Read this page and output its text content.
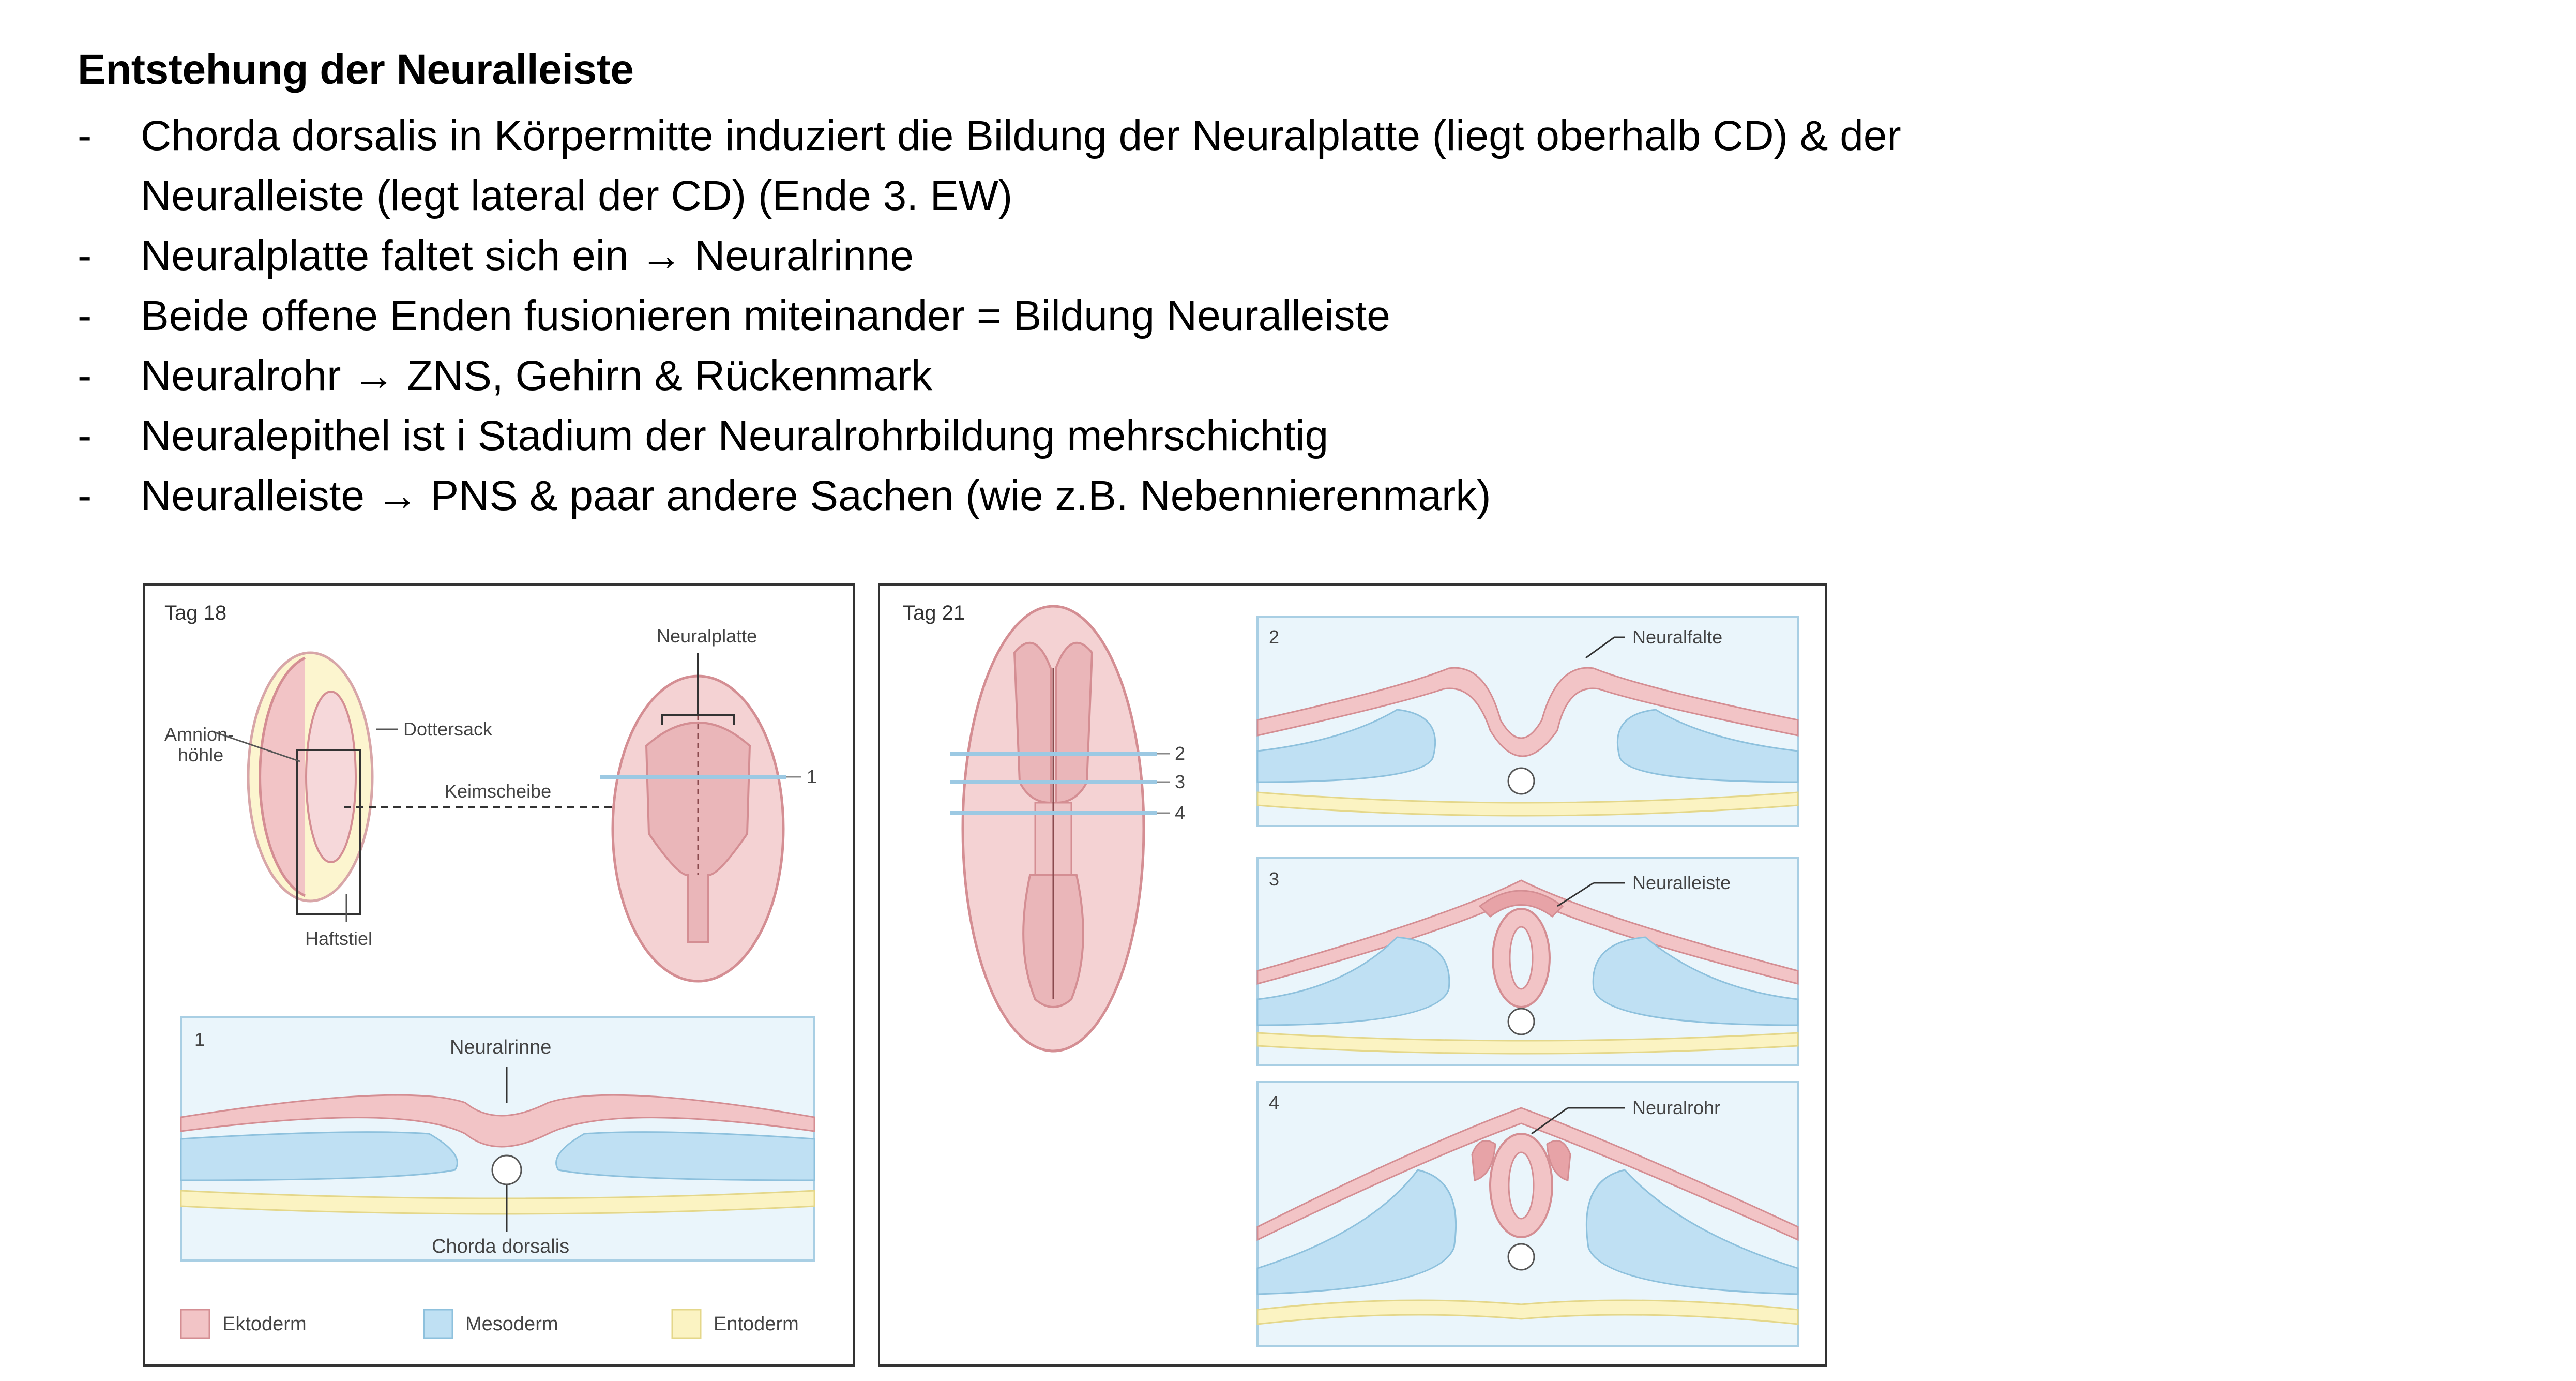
Entstehung der Neuralleiste
- Chorda dorsalis in Körpermitte induziert die Bildung der Neuralplatte (liegt oberhalb CD) & der
Neuralleiste (legt lateral der CD) (Ende 3. EW)
- Neuralplatte faltet sich ein → Neuralrinne
- Beide offene Enden fusionieren miteinander = Bildung Neuralleiste
- Neuralrohr → ZNS, Gehirn & Rückenmark
- Neuralepithel ist i Stadium der Neuralrohrbildung mehrschichtig
- Neuralleiste → PNS & paar andere Sachen (wie z.B. Nebennierenmark)
Tag 18
Amnion-
höhle
Dottersack
Keimscheibe
Haftstiel
Neuralplatte
1
1	Neuralrinne
Chorda dorsalis
Ektoderm	Mesoderm	Entoderm
Tag 21
2
3
4
2	Neuralfalte
3	Neuralleiste
4	Neuralrohr
